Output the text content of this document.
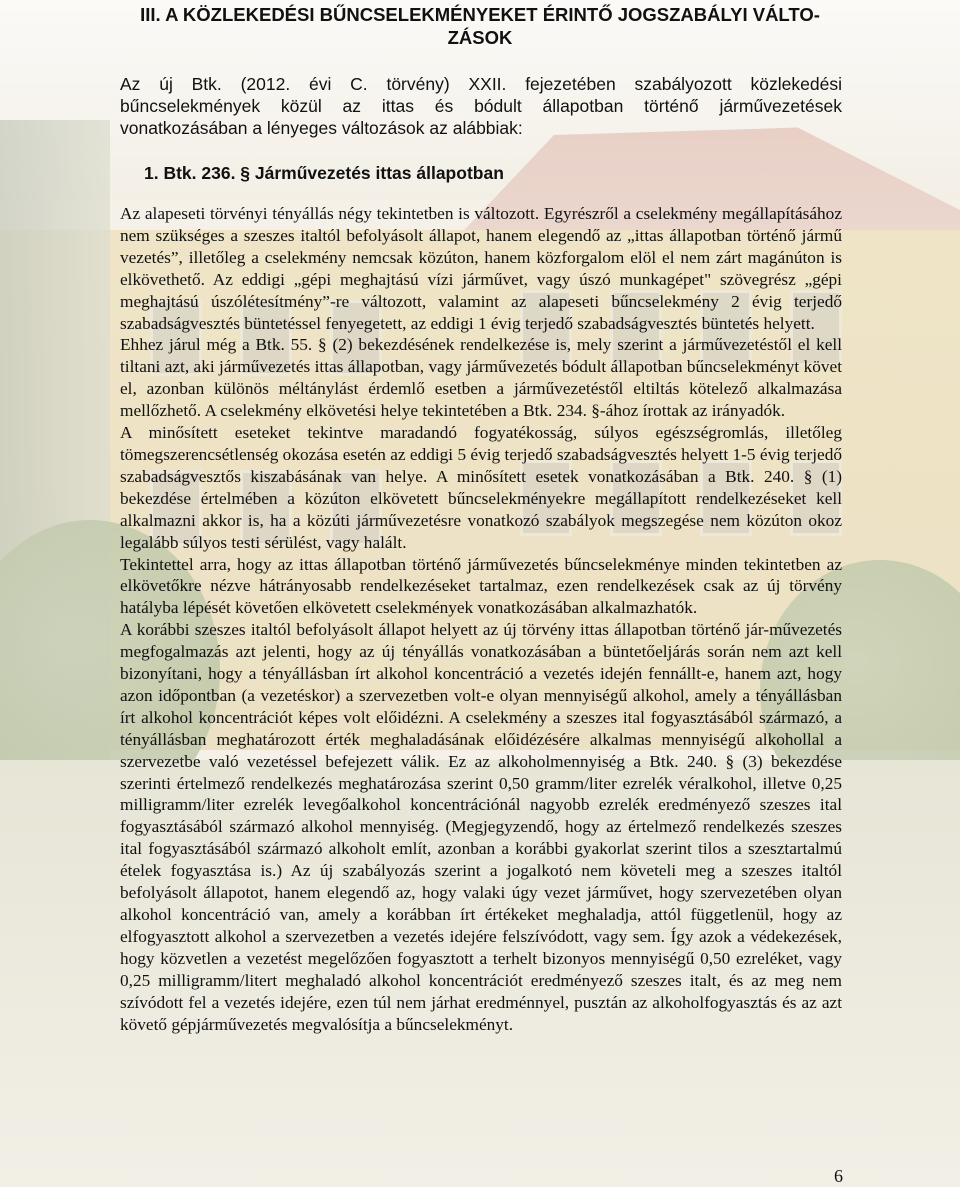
III. A KÖZLEKEDÉSI BŰNCSELEKMÉNYEKET ÉRINTŐ JOGSZABÁLYI VÁLTO-ZÁSOK

Az új Btk. (2012. évi C. törvény) XXII. fejezetében szabályozott közlekedési bűncselekmények közül az ittas és bódult állapotban történő járművezetések vonatkozásában a lényeges változások az alábbiak:

1. Btk. 236. § Járművezetés ittas állapotban

Az alapeseti törvényi tényállás négy tekintetben is változott. Egyrészről a cselekmény megállapításához nem szükséges a szeszes italtól befolyásolt állapot, hanem elegendő az „ittas állapotban történő jármű vezetés”, illetőleg a cselekmény nemcsak közúton, hanem közforgalom elöl el nem zárt magánúton is elkövethető. Az eddigi „gépi meghajtású vízi járművet, vagy úszó munkagépet" szövegrész „gépi meghajtású úszólétesítmény”-re változott, valamint az alapeseti bűncselekmény 2 évig terjedő szabadságvesztés büntetéssel fenyegetett, az eddigi 1 évig terjedő szabadságvesztés büntetés helyett.

Ehhez járul még a Btk. 55. § (2) bekezdésének rendelkezése is, mely szerint a járművezetéstől el kell tiltani azt, aki járművezetés ittas állapotban, vagy járművezetés bódult állapotban bűncselekményt követ el, azonban különös méltánylást érdemlő esetben a járművezetéstől eltiltás kötelező alkalmazása mellőzhető. A cselekmény elkövetési helye tekintetében a Btk. 234. §-ához írottak az irányadók.

A minősített eseteket tekintve maradandó fogyatékosság, súlyos egészségromlás, illetőleg tömegszerencsétlenség okozása esetén az eddigi 5 évig terjedő szabadságvesztés helyett 1-5 évig terjedő szabadságvesztős kiszabásának van helye. A minősített esetek vonatkozásában a Btk. 240. § (1) bekezdése értelmében a közúton elkövetett bűncselekményekre megállapított rendelkezéseket kell alkalmazni akkor is, ha a közúti járművezetésre vonatkozó szabályok megszegése nem közúton okoz legalább súlyos testi sérülést, vagy halált.

Tekintettel arra, hogy az ittas állapotban történő járművezetés bűncselekménye minden tekintetben az elkövetőkre nézve hátrányosabb rendelkezéseket tartalmaz, ezen rendelkezések csak az új törvény hatályba lépését követően elkövetett cselekmények vonatkozásában alkalmazhatók.

A korábbi szeszes italtól befolyásolt állapot helyett az új törvény ittas állapotban történő jár-művezetés megfogalmazás azt jelenti, hogy az új tényállás vonatkozásában a büntetőeljárás során nem azt kell bizonyítani, hogy a tényállásban írt alkohol koncentráció a vezetés idején fennállt-e, hanem azt, hogy azon időpontban (a vezetéskor) a szervezetben volt-e olyan mennyiségű alkohol, amely a tényállásban írt alkohol koncentrációt képes volt előidézni. A cselekmény a szeszes ital fogyasztásából származó, a tényállásban meghatározott érték meghaladásának előidézésére alkalmas mennyiségű alkohollal a szervezetbe való vezetéssel befejezett válik. Ez az alkoholmennyiség a Btk. 240. § (3) bekezdése szerinti értelmező rendelkezés meghatározása szerint 0,50 gramm/liter ezrelék véralkohol, illetve 0,25 milligramm/liter ezrelék levegőalkohol koncentrációnál nagyobb ezrelék eredményező szeszes ital fogyasztásából származó alkohol mennyiség. (Megjegyzendő, hogy az értelmező rendelkezés szeszes ital fogyasztásából származó alkoholt említ, azonban a korábbi gyakorlat szerint tilos a szesztartalmú ételek fogyasztása is.) Az új szabályozás szerint a jogalkotó nem követeli meg a szeszes italtól befolyásolt állapotot, hanem elegendő az, hogy valaki úgy vezet járművet, hogy szervezetében olyan alkohol koncentráció van, amely a korábban írt értékeket meghaladja, attól függetlenül, hogy az elfogyasztott alkohol a szervezetben a vezetés idejére felszívódott, vagy sem. Így azok a védekezések, hogy közvetlen a vezetést megelőzően fogyasztott a terhelt bizonyos mennyiségű 0,50 ezreléket, vagy 0,25 milligramm/litert meghaladó alkohol koncentrációt eredményező szeszes italt, és az meg nem szívódott fel a vezetés idejére, ezen túl nem járhat eredménnyel, pusztán az alkoholfogyasztás és az azt követő gépjárművezetés megvalósítja a bűncselekményt.

6
